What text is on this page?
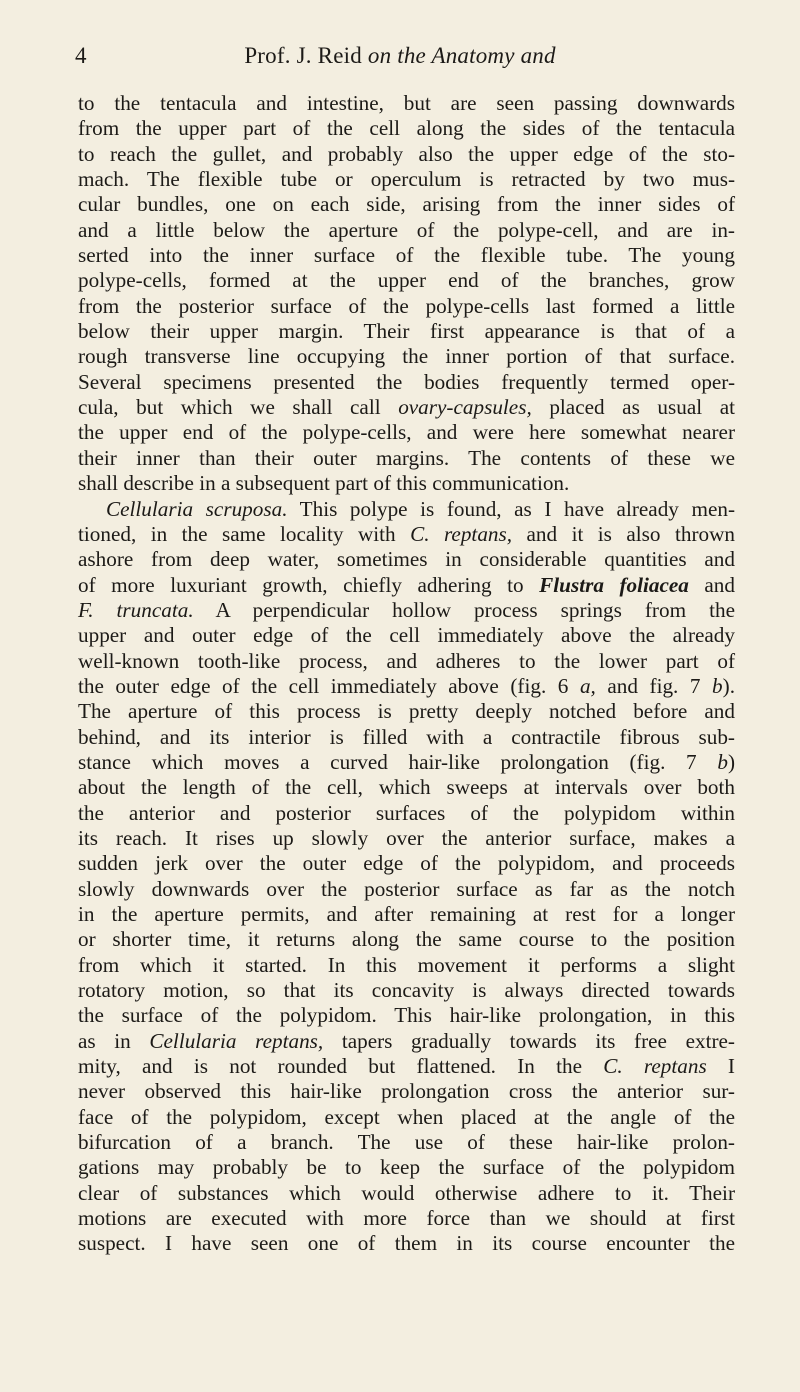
4	Prof. J. Reid on the Anatomy and
to the tentacula and intestine, but are seen passing downwards
from the upper part of the cell along the sides of the tentacula
to reach the gullet, and probably also the upper edge of the sto-
mach. The flexible tube or operculum is retracted by two mus-
cular bundles, one on each side, arising from the inner sides of
and a little below the aperture of the polype-cell, and are in-
serted into the inner surface of the flexible tube. The young
polype-cells, formed at the upper end of the branches, grow
from the posterior surface of the polype-cells last formed a little
below their upper margin. Their first appearance is that of a
rough transverse line occupying the inner portion of that surface.
Several specimens presented the bodies frequently termed oper-
cula, but which we shall call ovary-capsules, placed as usual at
the upper end of the polype-cells, and were here somewhat nearer
their inner than their outer margins. The contents of these we
shall describe in a subsequent part of this communication.
Cellularia scruposa. This polype is found, as I have already men-
tioned, in the same locality with C. reptans, and it is also thrown
ashore from deep water, sometimes in considerable quantities and
of more luxuriant growth, chiefly adhering to Flustra foliacea and
F. truncata. A perpendicular hollow process springs from the
upper and outer edge of the cell immediately above the already
well-known tooth-like process, and adheres to the lower part of
the outer edge of the cell immediately above (fig. 6 a, and fig. 7 b).
The aperture of this process is pretty deeply notched before and
behind, and its interior is filled with a contractile fibrous sub-
stance which moves a curved hair-like prolongation (fig. 7 b)
about the length of the cell, which sweeps at intervals over both
the anterior and posterior surfaces of the polypidom within
its reach. It rises up slowly over the anterior surface, makes a
sudden jerk over the outer edge of the polypidom, and proceeds
slowly downwards over the posterior surface as far as the notch
in the aperture permits, and after remaining at rest for a longer
or shorter time, it returns along the same course to the position
from which it started. In this movement it performs a slight
rotatory motion, so that its concavity is always directed towards
the surface of the polypidom. This hair-like prolongation, in this
as in Cellularia reptans, tapers gradually towards its free extre-
mity, and is not rounded but flattened. In the C. reptans I
never observed this hair-like prolongation cross the anterior sur-
face of the polypidom, except when placed at the angle of the
bifurcation of a branch. The use of these hair-like prolon-
gations may probably be to keep the surface of the polypidom
clear of substances which would otherwise adhere to it. Their
motions are executed with more force than we should at first
suspect. I have seen one of them in its course encounter the
